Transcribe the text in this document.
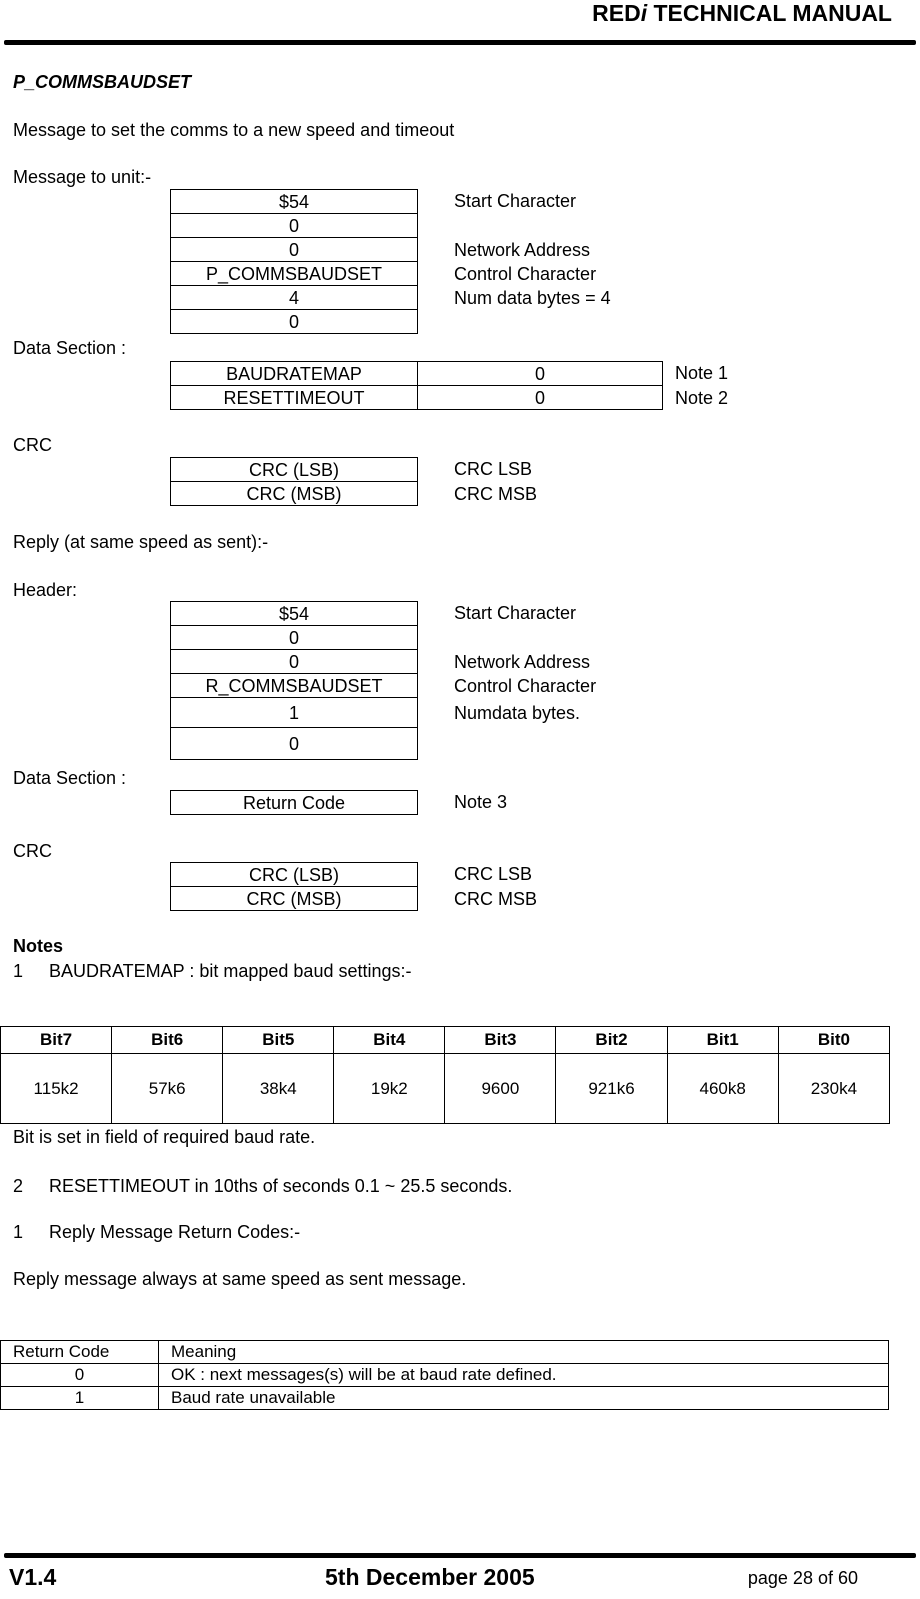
REDi TECHNICAL MANUAL
P_COMMSBAUDSET
Message to set the comms to a new speed and timeout
Message to unit:-
$54	Start Character
0
0	Network Address
P_COMMSBAUDSET	Control Character
4	Num data bytes = 4
0
Data Section :
BAUDRATEMAP	0	Note 1
RESETTIMEOUT	0	Note 2
CRC
CRC (LSB)	CRC LSB
CRC (MSB)	CRC MSB
Reply (at same speed as sent):-
Header:
$54	Start Character
0
0	Network Address
R_COMMSBAUDSET	Control Character
1	Numdata bytes.
0
Data Section :
Return Code	Note 3
CRC
CRC (LSB)	CRC LSB
CRC (MSB)	CRC MSB
Notes
1 BAUDRATEMAP : bit mapped baud settings:-
Bit7	Bit6	Bit5	Bit4	Bit3	Bit2	Bit1	Bit0
115k2	57k6	38k4	19k2	9600	921k6	460k8	230k4
Bit is set in field of required baud rate.
2 RESETTIMEOUT in 10ths of seconds 0.1 ~ 25.5 seconds.
1 Reply Message Return Codes:-
Reply message always at same speed as sent message.
Return Code	Meaning
0	OK : next messages(s) will be at baud rate defined.
1	Baud rate unavailable
V1.4	5th December 2005	page 28 of 60
